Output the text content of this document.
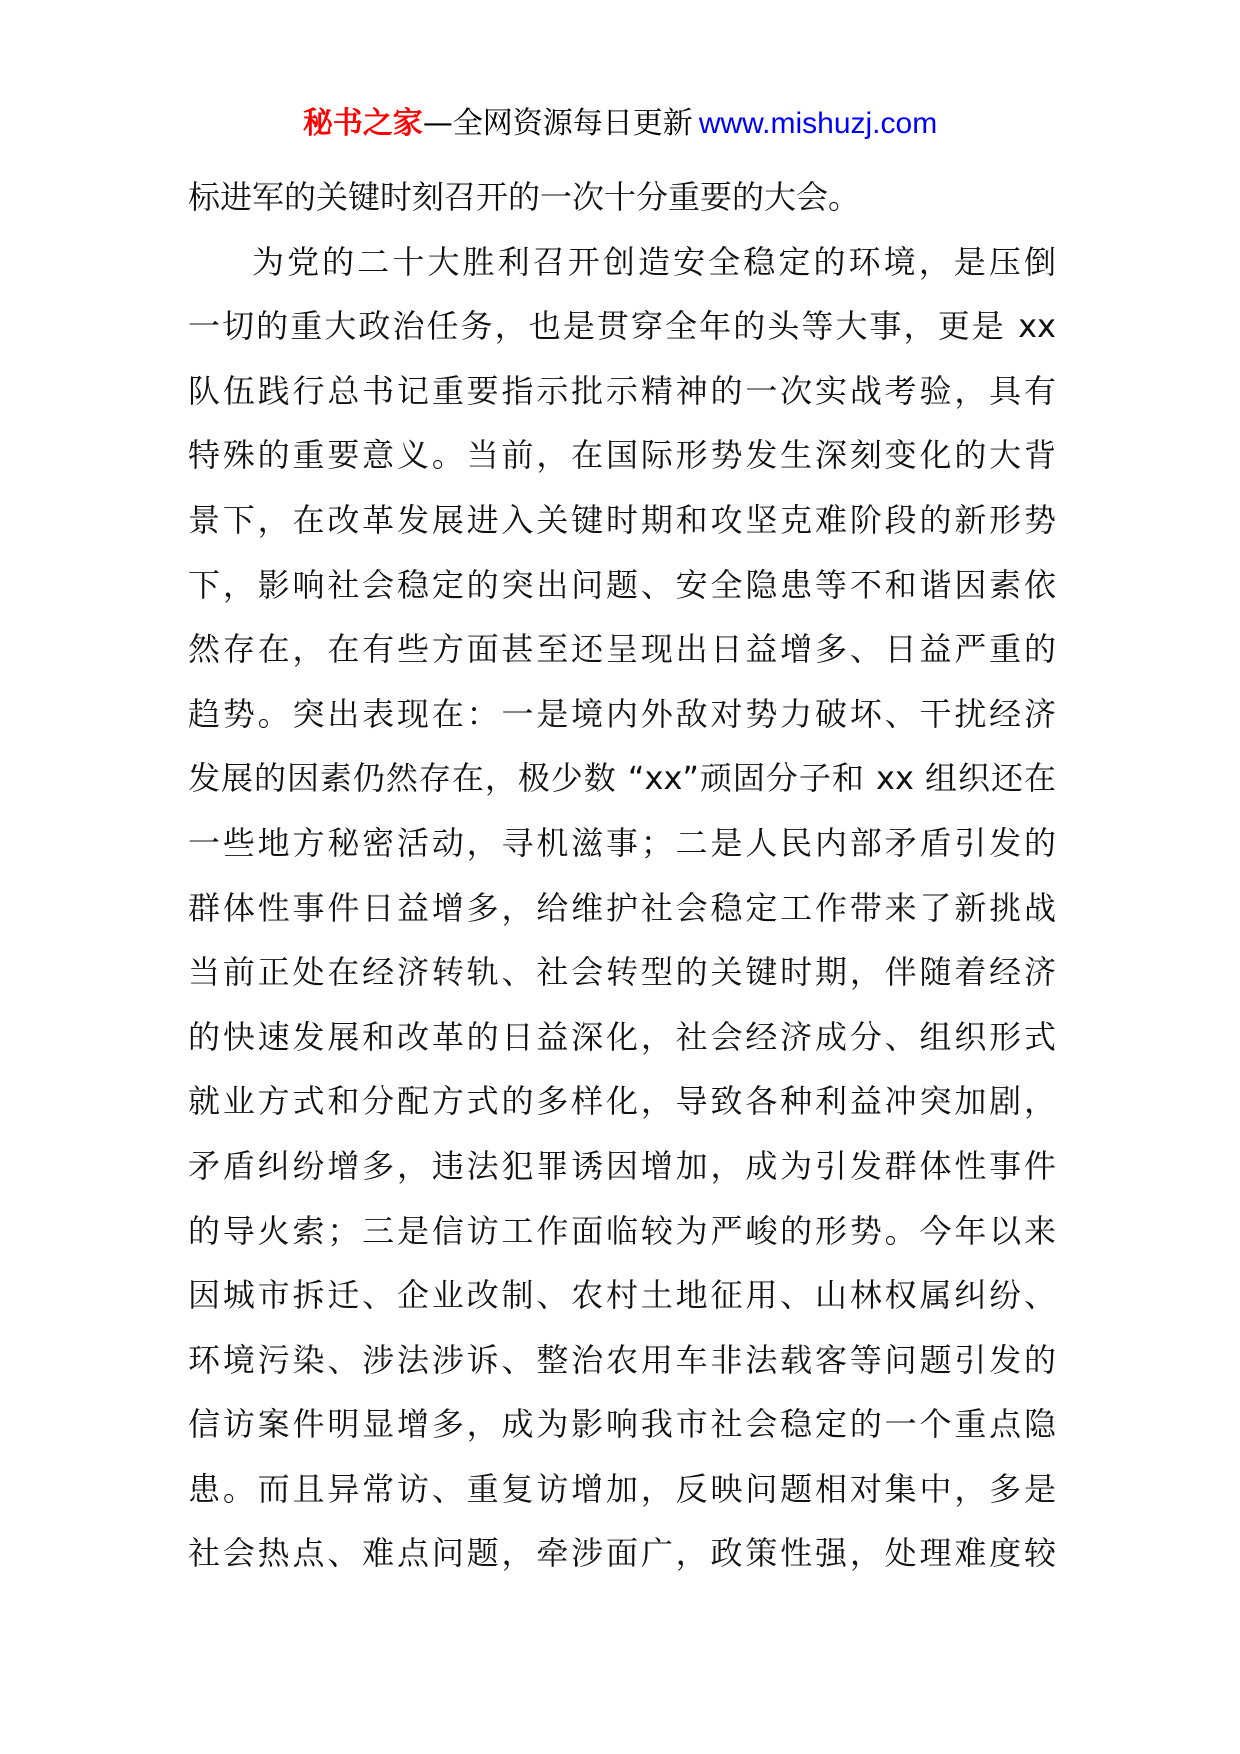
秘书之家—全网资源每日更新 www.mishuzj.com
标进军的关键时刻召开的一次十分重要的大会。
为党的二十大胜利召开创造安全稳定的环境，是压倒
一切的重大政治任务，也是贯穿全年的头等大事，更是 xx
队伍践行总书记重要指示批示精神的一次实战考验，具有
特殊的重要意义。当前，在国际形势发生深刻变化的大背
景下，在改革发展进入关键时期和攻坚克难阶段的新形势
下，影响社会稳定的突出问题、安全隐患等不和谐因素依
然存在，在有些方面甚至还呈现出日益增多、日益严重的
趋势。突出表现在：一是境内外敌对势力破坏、干扰经济
发展的因素仍然存在，极少数 “xx”顽固分子和 xx 组织还在
一些地方秘密活动，寻机滋事；二是人民内部矛盾引发的
群体性事件日益增多，给维护社会稳定工作带来了新挑战
当前正处在经济转轨、社会转型的关键时期，伴随着经济
的快速发展和改革的日益深化，社会经济成分、组织形式
就业方式和分配方式的多样化，导致各种利益冲突加剧，
矛盾纠纷增多，违法犯罪诱因增加，成为引发群体性事件
的导火索；三是信访工作面临较为严峻的形势。今年以来
因城市拆迁、企业改制、农村土地征用、山林权属纠纷、
环境污染、涉法涉诉、整治农用车非法载客等问题引发的
信访案件明显增多，成为影响我市社会稳定的一个重点隐
患。而且异常访、重复访增加，反映问题相对集中，多是
社会热点、难点问题，牵涉面广，政策性强，处理难度较
